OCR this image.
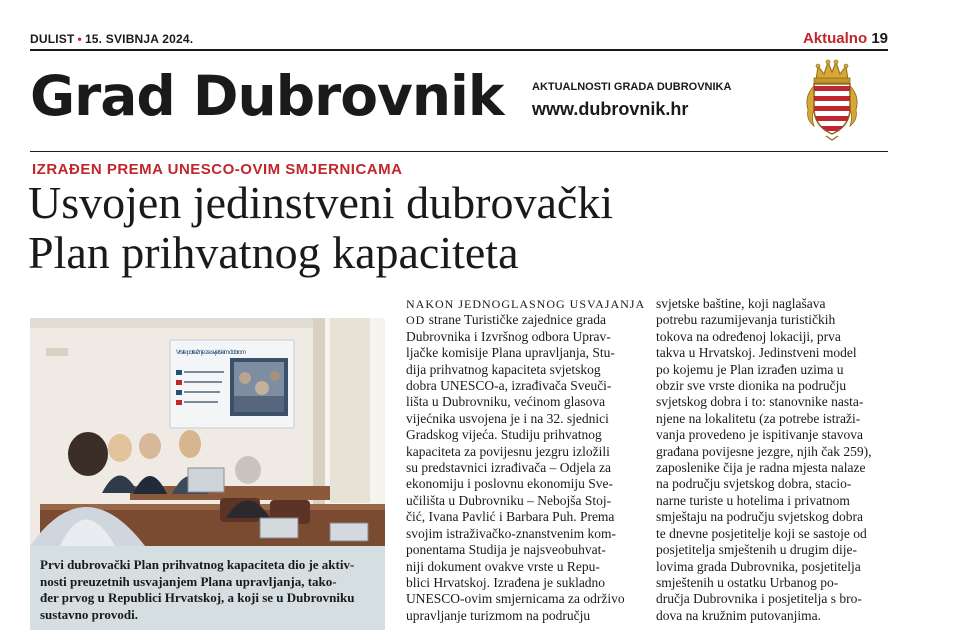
DULIST • 15. SVIBNJA 2024.	Aktualno 19
Grad Dubrovnik	AKTUALNOSTI GRADA DUBROVNIKA
www.dubrovnik.hr
IZRAĐEN PREMA UNESCO-OVIM SMJERNICAMA
Usvojen jedinstveni dubrovački
Plan prihvatnog kapaciteta
Vrste potražnje za svjetskim dobrom
Prvi dubrovački Plan prihvatnog kapaciteta dio je aktiv-
nosti preuzetnih usvajanjem Plana upravljanja, tako-
đer prvog u Republici Hrvatskoj, a koji se u Dubrovniku
sustavno provodi.
NAKON JEDNOGLASNOG USVAJANJA
OD strane Turističke zajednice grada
Dubrovnika i Izvršnog odbora Uprav-
ljačke komisije Plana upravljanja, Stu-
dija prihvatnog kapaciteta svjetskog
dobra UNESCO-a, izrađivača Sveuči-
lišta u Dubrovniku, većinom glasova
vijećnika usvojena je i na 32. sjednici
Gradskog vijeća. Studiju prihvatnog
kapaciteta za povijesnu jezgru izložili
su predstavnici izrađivača – Odjela za
ekonomiju i poslovnu ekonomiju Sve-
učilišta u Dubrovniku – Nebojša Stoj-
čić, Ivana Pavlić i Barbara Puh. Prema
svojim istraživačko-znanstvenim kom-
ponentama Studija je najsveobuhvat-
niji dokument ovakve vrste u Repu-
blici Hrvatskoj. Izrađena je sukladno
UNESCO-ovim smjernicama za održivo
upravljanje turizmom na području
svjetske baštine, koji naglašava
potrebu razumijevanja turističkih
tokova na određenoj lokaciji, prva
takva u Hrvatskoj. Jedinstveni model
po kojemu je Plan izrađen uzima u
obzir sve vrste dionika na području
svjetskog dobra i to: stanovnike nasta-
njene na lokalitetu (za potrebe istraži-
vanja provedeno je ispitivanje stavova
građana povijesne jezgre, njih čak 259),
zaposlenike čija je radna mjesta nalaze
na području svjetskog dobra, stacio-
narne turiste u hotelima i privatnom
smještaju na području svjetskog dobra
te dnevne posjetitelje koji se sastoje od
posjetitelja smještenih u drugim dije-
lovima grada Dubrovnika, posjetitelja
smještenih u ostatku Urbanog po-
dručja Dubrovnika i posjetitelja s bro-
dova na kružnim putovanjima.
